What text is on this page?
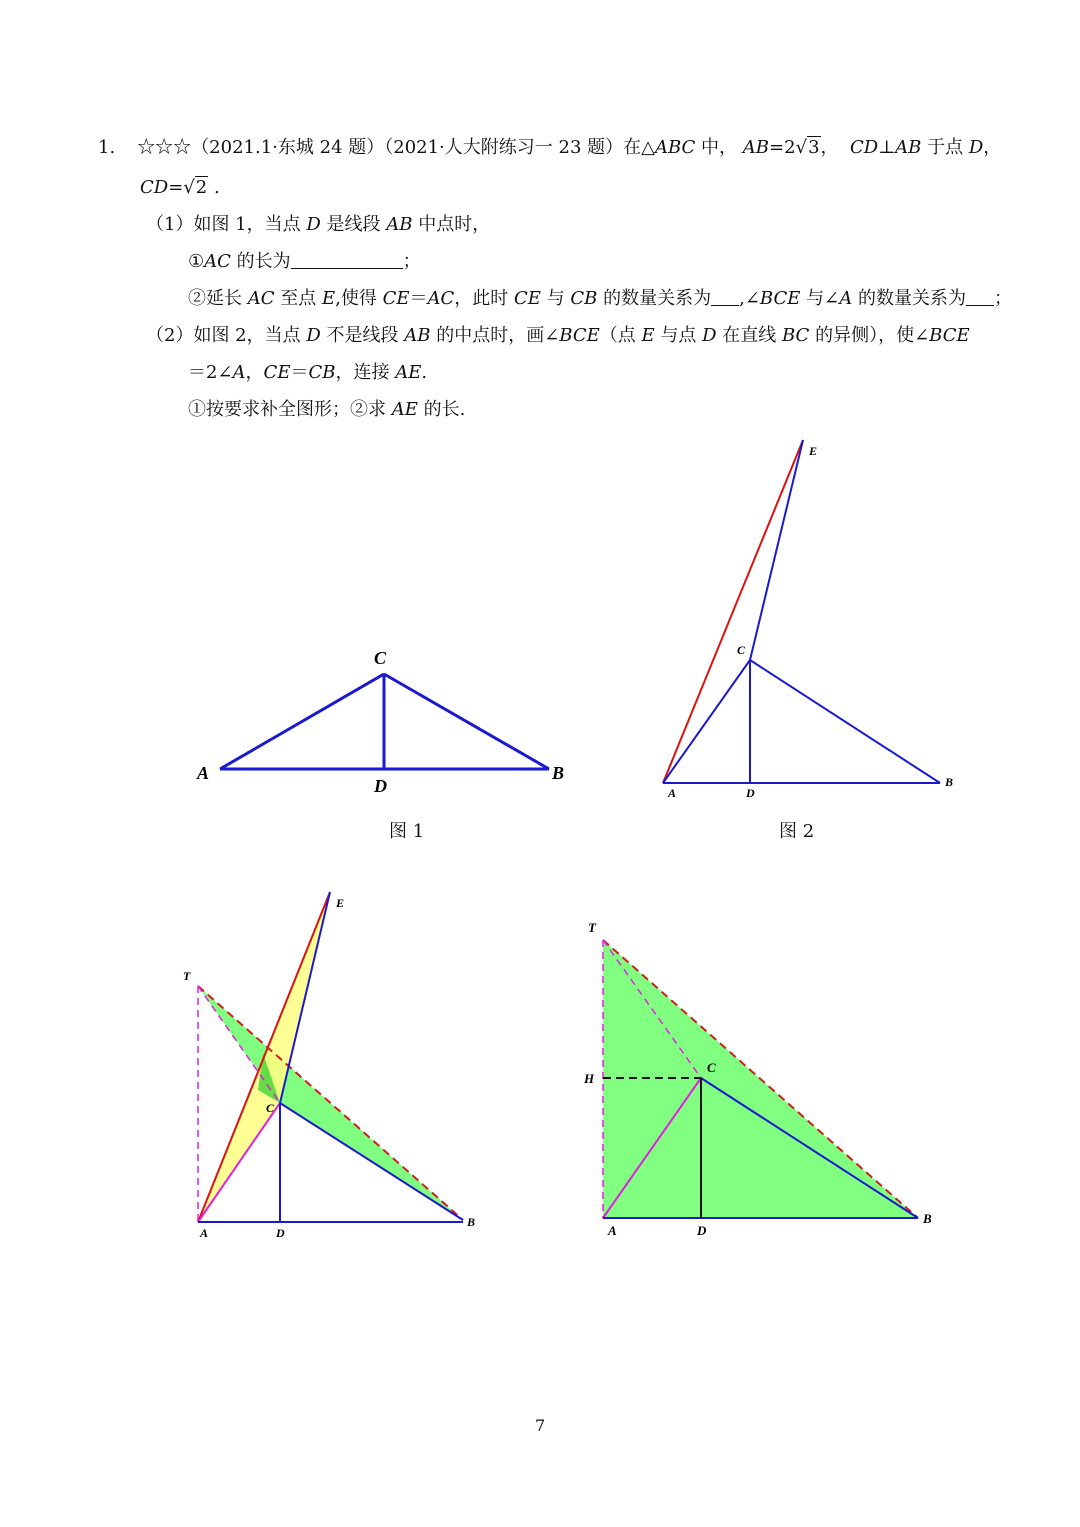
1. ☆☆☆（2021.1·东城 24 题）（2021·人大附练习一 23 题）在△ABC 中， AB=2√3， CD⊥AB 于点 D，
CD=√2 .
（1）如图 1，当点 D 是线段 AB 中点时，
①AC 的长为	；
②延长 AC 至点 E,使得 CE＝AC，此时 CE 与 CB 的数量关系为 ,∠BCE 与∠A 的数量关系为 ；
（2）如图 2，当点 D 不是线段 AB 的中点时，画∠BCE（点 E 与点 D 在直线 BC 的异侧），使∠BCE
＝2∠A，CE＝CB，连接 AE.
①按要求补全图形；②求 AE 的长.
C
A	B
D
图 1
E
C
A	D
B
图 2
E
T
C
A	D
B
T
H
C
A	D
B
7
